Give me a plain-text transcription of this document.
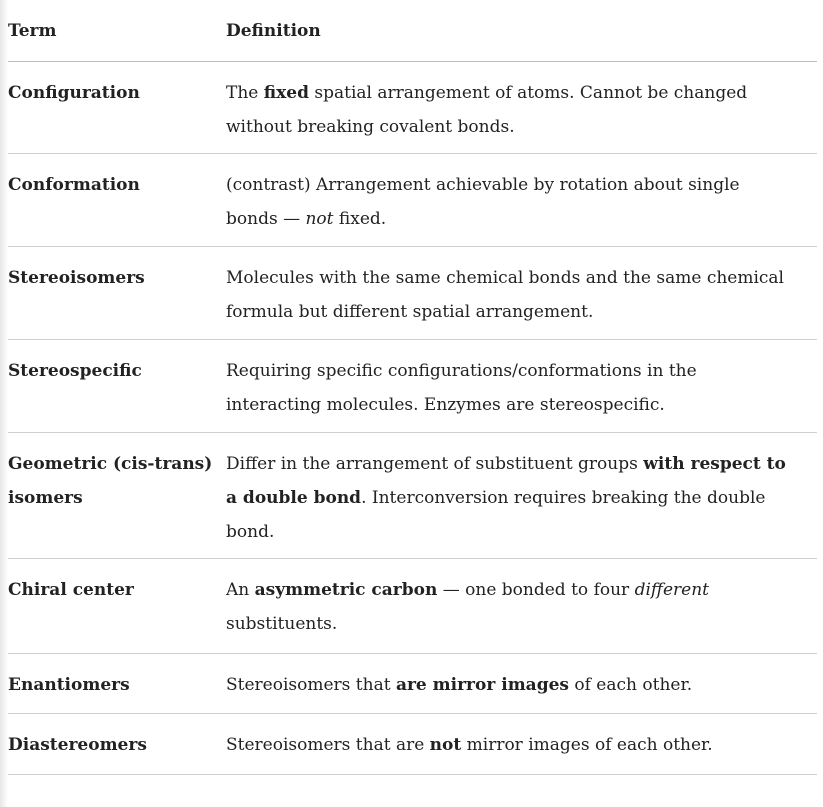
Term	Definition
Configuration	The fixed spatial arrangement of atoms. Cannot be changed without breaking covalent bonds.
Conformation	(contrast) Arrangement achievable by rotation about single bonds — not fixed.
Stereoisomers	Molecules with the same chemical bonds and the same chemical formula but different spatial arrangement.
Stereospecific	Requiring specific configurations/conformations in the interacting molecules. Enzymes are stereospecific.
Geometric (cis-trans) isomers	Differ in the arrangement of substituent groups with respect to a double bond. Interconversion requires breaking the double bond.
Chiral center	An asymmetric carbon — one bonded to four different substituents.
Enantiomers	Stereoisomers that are mirror images of each other.
Diastereomers	Stereoisomers that are not mirror images of each other.
